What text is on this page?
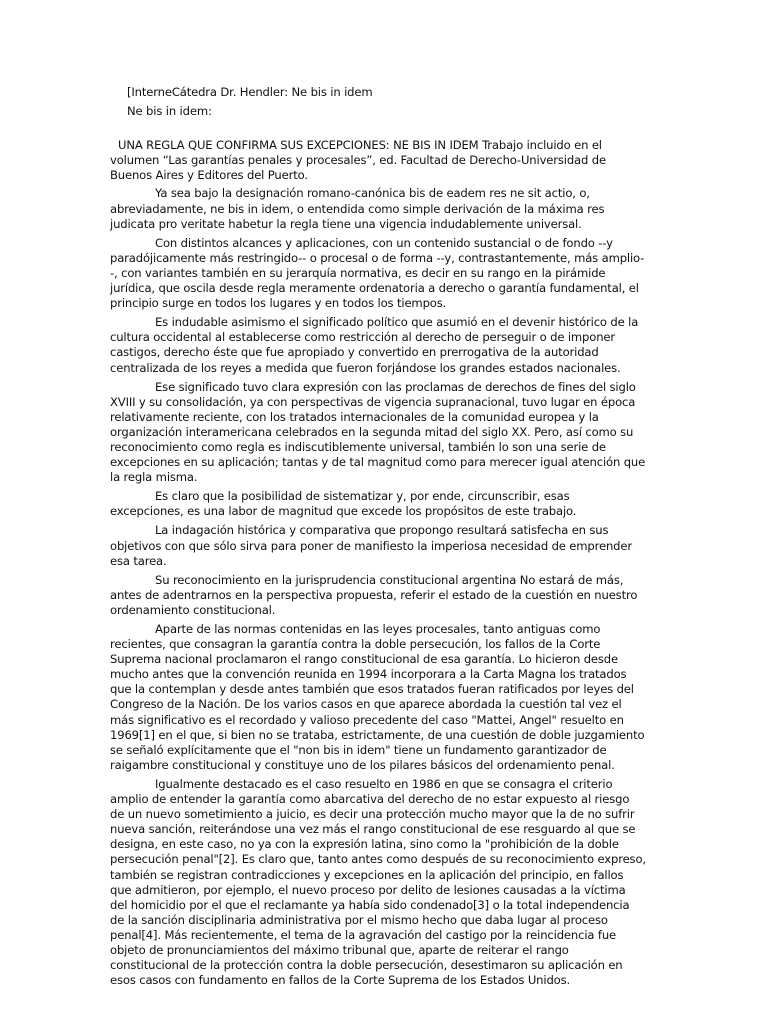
[InterneCátedra Dr. Hendler: Ne bis in idem

Ne bis in idem:

UNA REGLA QUE CONFIRMA SUS EXCEPCIONES: NE BIS IN IDEM Trabajo incluido en el volumen “Las garantías penales y procesales”, ed. Facultad de Derecho-Universidad de Buenos Aires y Editores del Puerto.

Ya sea bajo la designación romano-canónica bis de eadem res ne sit actio, o, abreviadamente, ne bis in idem, o entendida como simple derivación de la máxima res judicata pro veritate habetur la regla tiene una vigencia indudablemente universal.

Con distintos alcances y aplicaciones, con un contenido sustancial o de fondo --y paradójicamente más restringido-- o procesal o de forma --y, contrastantemente, más amplio--, con variantes también en su jerarquía normativa, es decir en su rango en la pirámide jurídica, que oscila desde regla meramente ordenatoria a derecho o garantía fundamental, el principio surge en todos los lugares y en todos los tiempos.

Es indudable asimismo el significado político que asumió en el devenir histórico de la cultura occidental al establecerse como restricción al derecho de perseguir o de imponer castigos, derecho éste que fue apropiado y convertido en prerrogativa de la autoridad centralizada de los reyes a medida que fueron forjándose los grandes estados nacionales.

Ese significado tuvo clara expresión con las proclamas de derechos de fines del siglo XVIII y su consolidación, ya con perspectivas de vigencia supranacional, tuvo lugar en época relativamente reciente, con los tratados internacionales de la comunidad europea y la organización interamericana celebrados en la segunda mitad del siglo XX. Pero, así como su reconocimiento como regla es indiscutiblemente universal, también lo son una serie de excepciones en su aplicación; tantas y de tal magnitud como para merecer igual atención que la regla misma.

Es claro que la posibilidad de sistematizar y, por ende, circunscribir, esas excepciones, es una labor de magnitud que excede los propósitos de este trabajo.

La indagación histórica y comparativa que propongo resultará satisfecha en sus objetivos con que sólo sirva para poner de manifiesto la imperiosa necesidad de emprender esa tarea.

Su reconocimiento en la jurisprudencia constitucional argentina No estará de más, antes de adentrarnos en la perspectiva propuesta, referir el estado de la cuestión en nuestro ordenamiento constitucional.

Aparte de las normas contenidas en las leyes procesales, tanto antiguas como recientes, que consagran la garantía contra la doble persecución, los fallos de la Corte Suprema nacional proclamaron el rango constitucional de esa garantía. Lo hicieron desde mucho antes que la convención reunida en 1994 incorporara a la Carta Magna los tratados que la contemplan y desde antes también que esos tratados fueran ratificados por leyes del Congreso de la Nación. De los varios casos en que aparece abordada la cuestión tal vez el más significativo es el recordado y valioso precedente del caso "Mattei, Angel" resuelto en 1969[1] en el que, si bien no se trataba, estrictamente, de una cuestión de doble juzgamiento se señaló explícitamente que el "non bis in idem" tiene un fundamento garantizador de raigambre constitucional y constituye uno de los pilares básicos del ordenamiento penal.

Igualmente destacado es el caso resuelto en 1986 en que se consagra el criterio amplio de entender la garantía como abarcativa del derecho de no estar expuesto al riesgo de un nuevo sometimiento a juicio, es decir una protección mucho mayor que la de no sufrir nueva sanción, reiterándose una vez más el rango constitucional de ese resguardo al que se designa, en este caso, no ya con la expresión latina, sino como la "prohibición de la doble persecución penal"[2]. Es claro que, tanto antes como después de su reconocimiento expreso, también se registran contradicciones y excepciones en la aplicación del principio, en fallos que admitieron, por ejemplo, el nuevo proceso por delito de lesiones causadas a la víctima del homicidio por el que el reclamante ya había sido condenado[3] o la total independencia de la sanción disciplinaria administrativa por el mismo hecho que daba lugar al proceso penal[4]. Más recientemente, el tema de la agravación del castigo por la reincidencia fue objeto de pronunciamientos del máximo tribunal que, aparte de reiterar el rango constitucional de la protección contra la doble persecución, desestimaron su aplicación en esos casos con fundamento en fallos de la Corte Suprema de los Estados Unidos.
